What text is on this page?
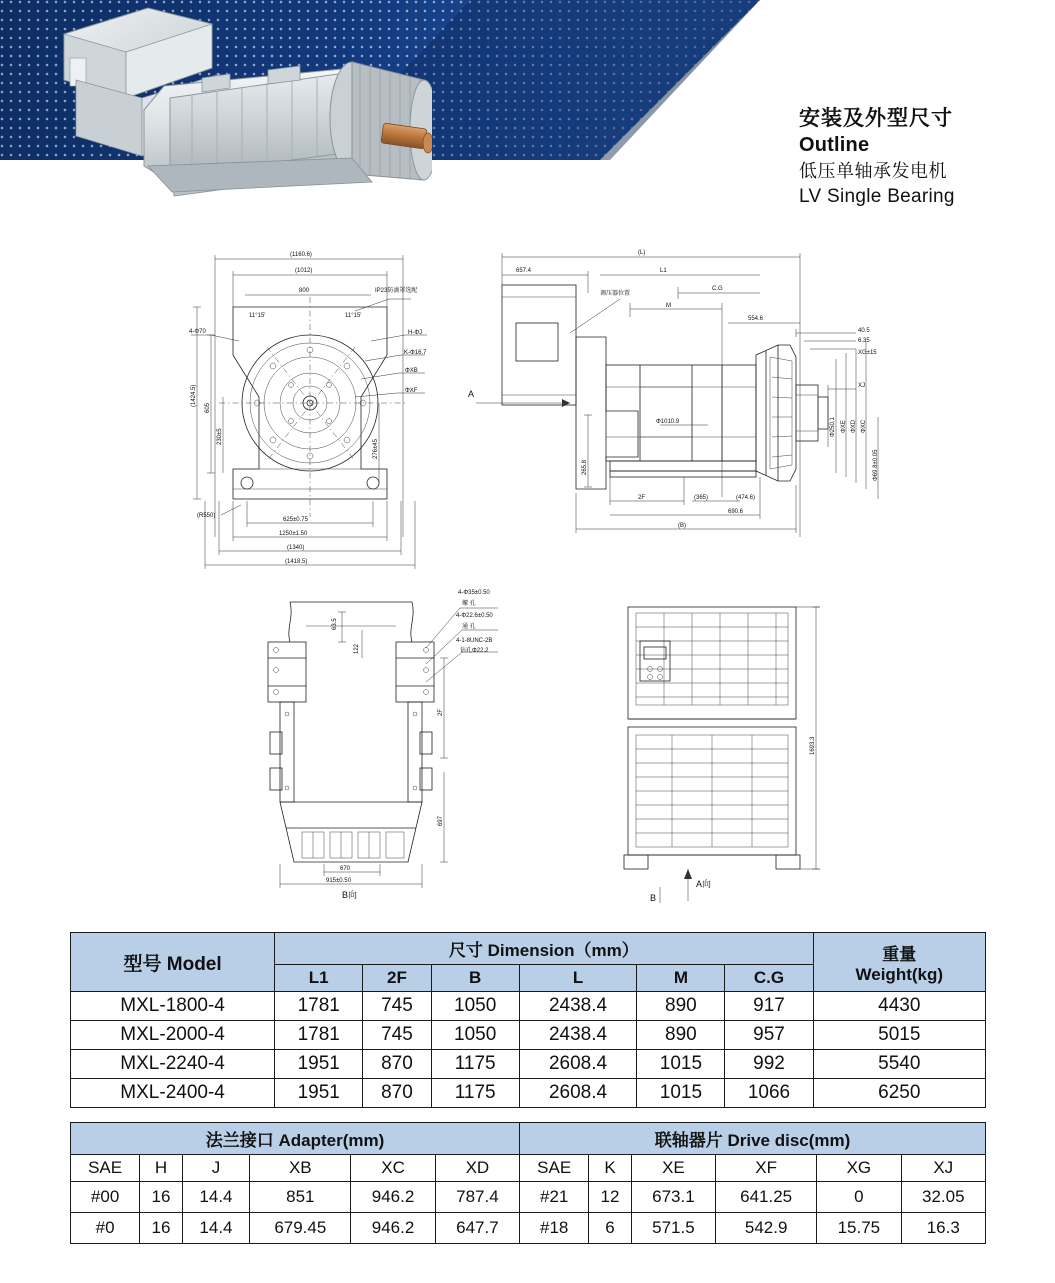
安装及外型尺寸
Outline
低压单轴承发电机
LV Single Bearing
(1160.6)
(1012)
800
11°15'	11°15'
IP23防滴罩选配
H-ΦJ
K-Φ16.7
ΦXB
ΦXF
4-Φ70
(1424.5)
605
230±5
276±45
625±0.75
1250±1.50
(1340)
(1418.5)
(R550)
(L)
657.4	L1
C.G
M
554.6
调压器位置
40.5
6.35
XG±15
XJ
Φ250.1 ΦXE ΦXD ΦXC
Φ69.8±0.05
A
265.8
Φ1010.9
2F	(365)	(474.6)
690.6
(B)
4-Φ35±0.50
螺 孔
4-Φ22.6±0.50
通 孔
4-1-8UNC-2B
钻孔Φ22.2
63.5
122
2F
697
670
915±0.50
B向
1693.3
A向
B
型号 Model	尺寸 Dimension（mm）						重量
Weight(kg)

	L1	2F	B	L	M	C.G	
MXL-1800-4	1781	745	1050	2438.4	890	917	4430
MXL-2000-4	1781	745	1050	2438.4	890	957	5015
MXL-2240-4	1951	870	1175	2608.4	1015	992	5540
MXL-2400-4	1951	870	1175	2608.4	1015	1066	6250
法兰接口 Adapter(mm)						联轴器片 Drive disc(mm)					
SAE	H	J	XB	XC	XD	SAE	K	XE	XF	XG	XJ
#00	16	14.4	851	946.2	787.4	#21	12	673.1	641.25	0	32.05
#0	16	14.4	679.45	946.2	647.7	#18	6	571.5	542.9	15.75	16.3
